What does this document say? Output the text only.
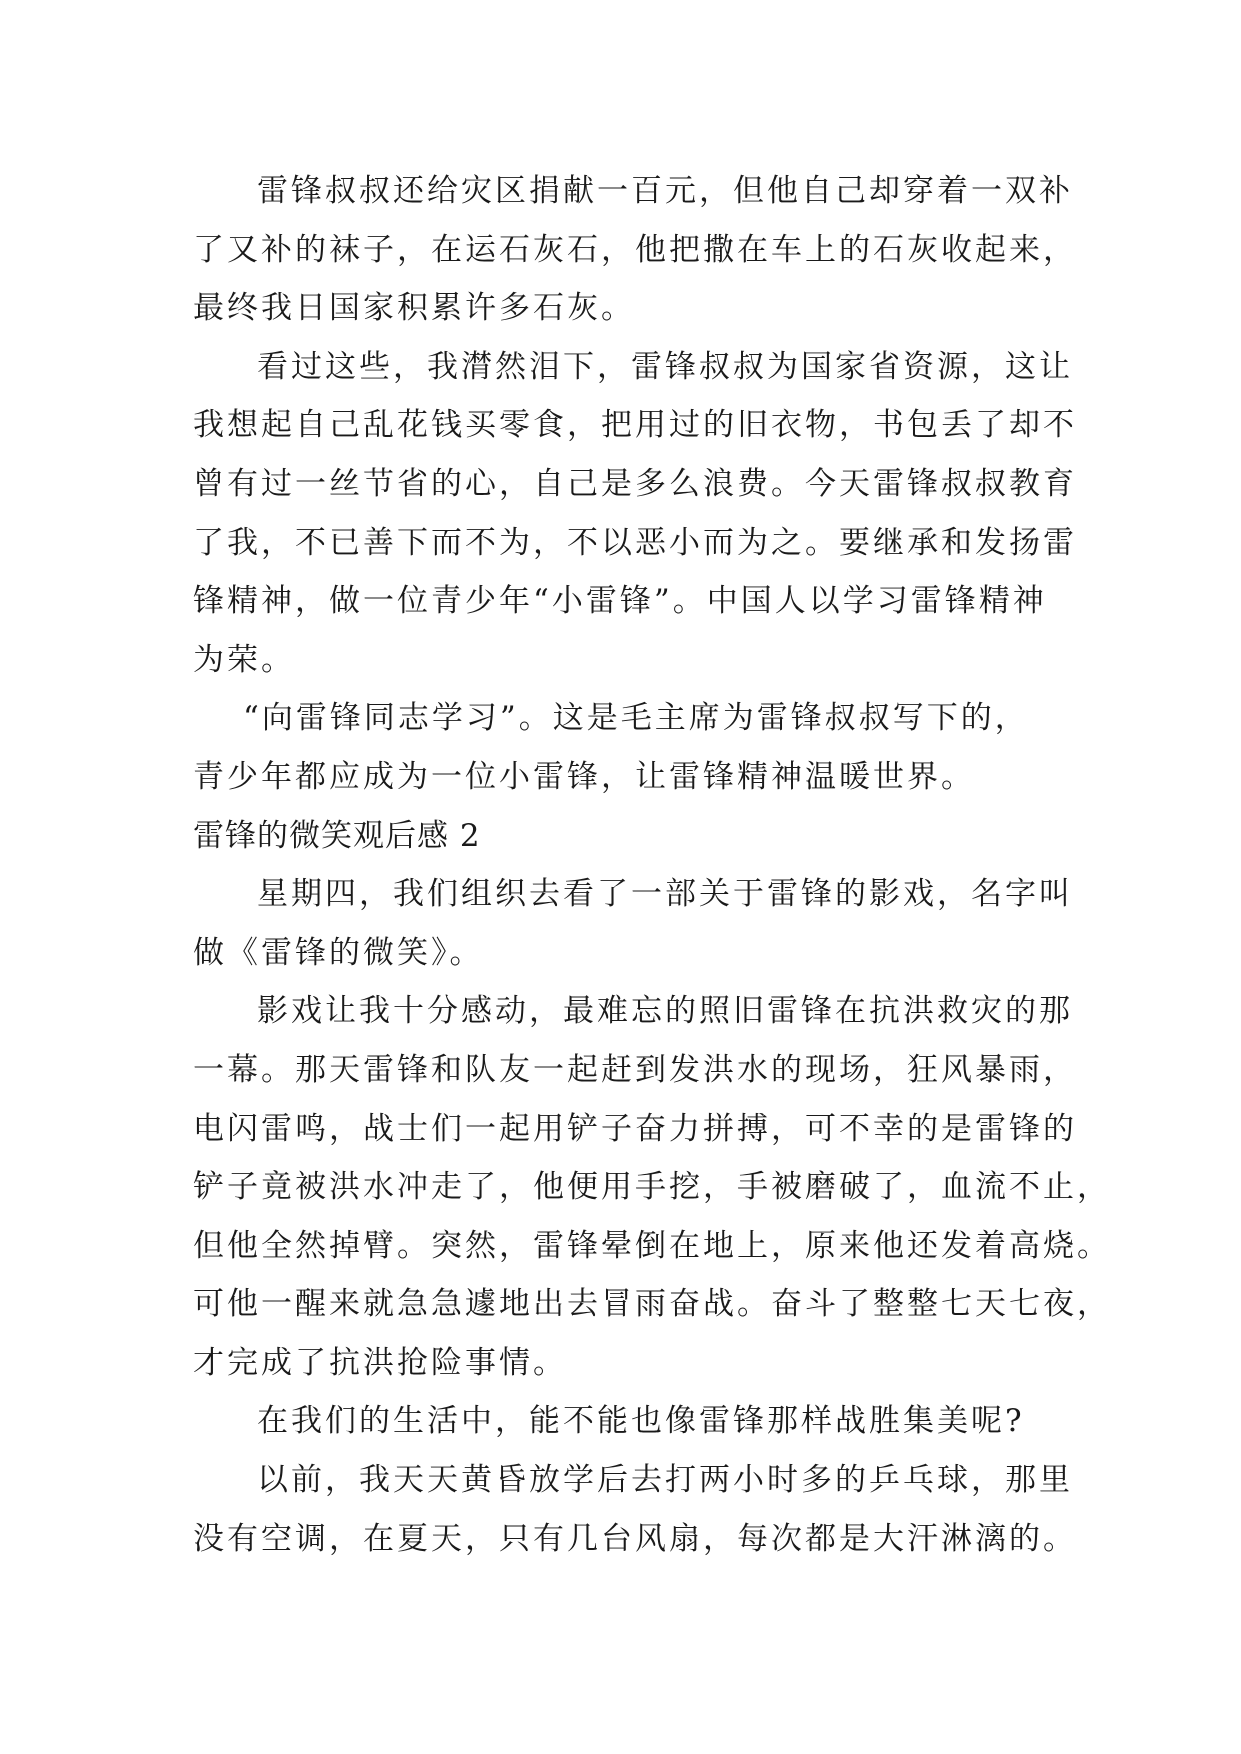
雷锋叔叔还给灾区捐献一百元，但他自己却穿着一双补
了又补的袜子，在运石灰石，他把撒在车上的石灰收起来，
最终我日国家积累许多石灰。
看过这些，我潸然泪下，雷锋叔叔为国家省资源，这让
我想起自己乱花钱买零食，把用过的旧衣物，书包丢了却不
曾有过一丝节省的心，自己是多么浪费。今天雷锋叔叔教育
了我，不已善下而不为，不以恶小而为之。要继承和发扬雷
锋精神，做一位青少年“小雷锋”。中国人以学习雷锋精神
为荣。
“向雷锋同志学习”。这是毛主席为雷锋叔叔写下的，
青少年都应成为一位小雷锋，让雷锋精神温暖世界。
雷锋的微笑观后感 2
星期四，我们组织去看了一部关于雷锋的影戏，名字叫
做《雷锋的微笑》。
影戏让我十分感动，最难忘的照旧雷锋在抗洪救灾的那
一幕。那天雷锋和队友一起赶到发洪水的现场，狂风暴雨，
电闪雷鸣，战士们一起用铲子奋力拼搏，可不幸的是雷锋的
铲子竟被洪水冲走了，他便用手挖，手被磨破了，血流不止，
但他全然掉臂。突然，雷锋晕倒在地上，原来他还发着高烧。
可他一醒来就急急遽地出去冒雨奋战。奋斗了整整七天七夜，
才完成了抗洪抢险事情。
在我们的生活中，能不能也像雷锋那样战胜集美呢?
以前，我天天黄昏放学后去打两小时多的乒乓球，那里
没有空调，在夏天，只有几台风扇，每次都是大汗淋漓的。
